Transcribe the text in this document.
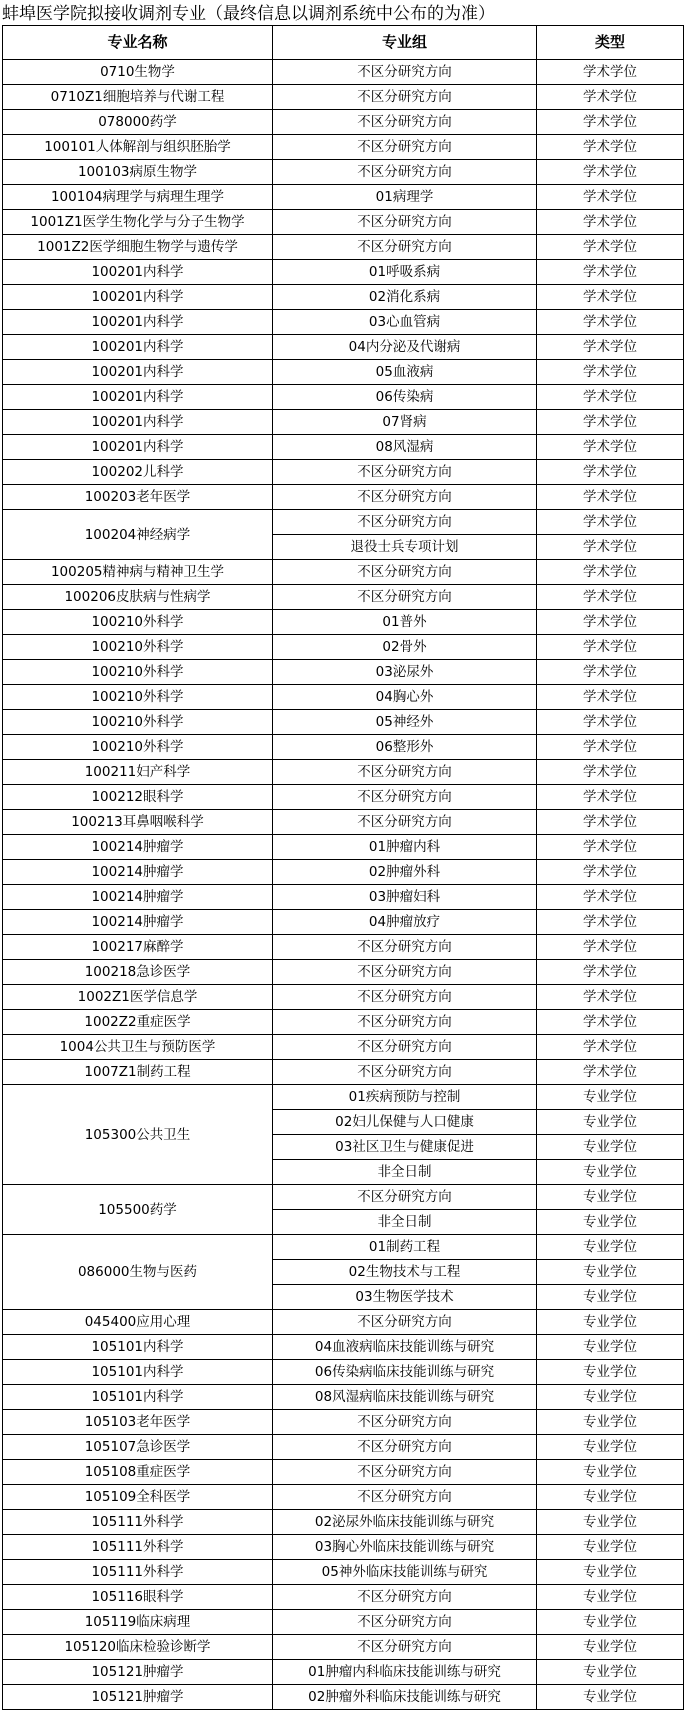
蚌埠医学院拟接收调剂专业（最终信息以调剂系统中公布的为准）
专业名称	专业组	类型
0710生物学	不区分研究方向	学术学位
0710Z1细胞培养与代谢工程	不区分研究方向	学术学位
078000药学	不区分研究方向	学术学位
100101人体解剖与组织胚胎学	不区分研究方向	学术学位
100103病原生物学	不区分研究方向	学术学位
100104病理学与病理生理学	01病理学	学术学位
1001Z1医学生物化学与分子生物学	不区分研究方向	学术学位
1001Z2医学细胞生物学与遗传学	不区分研究方向	学术学位
100201内科学	01呼吸系病	学术学位
100201内科学	02消化系病	学术学位
100201内科学	03心血管病	学术学位
100201内科学	04内分泌及代谢病	学术学位
100201内科学	05血液病	学术学位
100201内科学	06传染病	学术学位
100201内科学	07肾病	学术学位
100201内科学	08风湿病	学术学位
100202儿科学	不区分研究方向	学术学位
100203老年医学	不区分研究方向	学术学位
100204神经病学	不区分研究方向	学术学位
	退役士兵专项计划	学术学位
100205精神病与精神卫生学	不区分研究方向	学术学位
100206皮肤病与性病学	不区分研究方向	学术学位
100210外科学	01普外	学术学位
100210外科学	02骨外	学术学位
100210外科学	03泌尿外	学术学位
100210外科学	04胸心外	学术学位
100210外科学	05神经外	学术学位
100210外科学	06整形外	学术学位
100211妇产科学	不区分研究方向	学术学位
100212眼科学	不区分研究方向	学术学位
100213耳鼻咽喉科学	不区分研究方向	学术学位
100214肿瘤学	01肿瘤内科	学术学位
100214肿瘤学	02肿瘤外科	学术学位
100214肿瘤学	03肿瘤妇科	学术学位
100214肿瘤学	04肿瘤放疗	学术学位
100217麻醉学	不区分研究方向	学术学位
100218急诊医学	不区分研究方向	学术学位
1002Z1医学信息学	不区分研究方向	学术学位
1002Z2重症医学	不区分研究方向	学术学位
1004公共卫生与预防医学	不区分研究方向	学术学位
1007Z1制药工程	不区分研究方向	学术学位
105300公共卫生	01疾病预防与控制	专业学位
	02妇儿保健与人口健康	专业学位
	03社区卫生与健康促进	专业学位
	非全日制	专业学位
105500药学	不区分研究方向	专业学位
	非全日制	专业学位
086000生物与医药	01制药工程	专业学位
	02生物技术与工程	专业学位
	03生物医学技术	专业学位
045400应用心理	不区分研究方向	专业学位
105101内科学	04血液病临床技能训练与研究	专业学位
105101内科学	06传染病临床技能训练与研究	专业学位
105101内科学	08风湿病临床技能训练与研究	专业学位
105103老年医学	不区分研究方向	专业学位
105107急诊医学	不区分研究方向	专业学位
105108重症医学	不区分研究方向	专业学位
105109全科医学	不区分研究方向	专业学位
105111外科学	02泌尿外临床技能训练与研究	专业学位
105111外科学	03胸心外临床技能训练与研究	专业学位
105111外科学	05神外临床技能训练与研究	专业学位
105116眼科学	不区分研究方向	专业学位
105119临床病理	不区分研究方向	专业学位
105120临床检验诊断学	不区分研究方向	专业学位
105121肿瘤学	01肿瘤内科临床技能训练与研究	专业学位
105121肿瘤学	02肿瘤外科临床技能训练与研究	专业学位
